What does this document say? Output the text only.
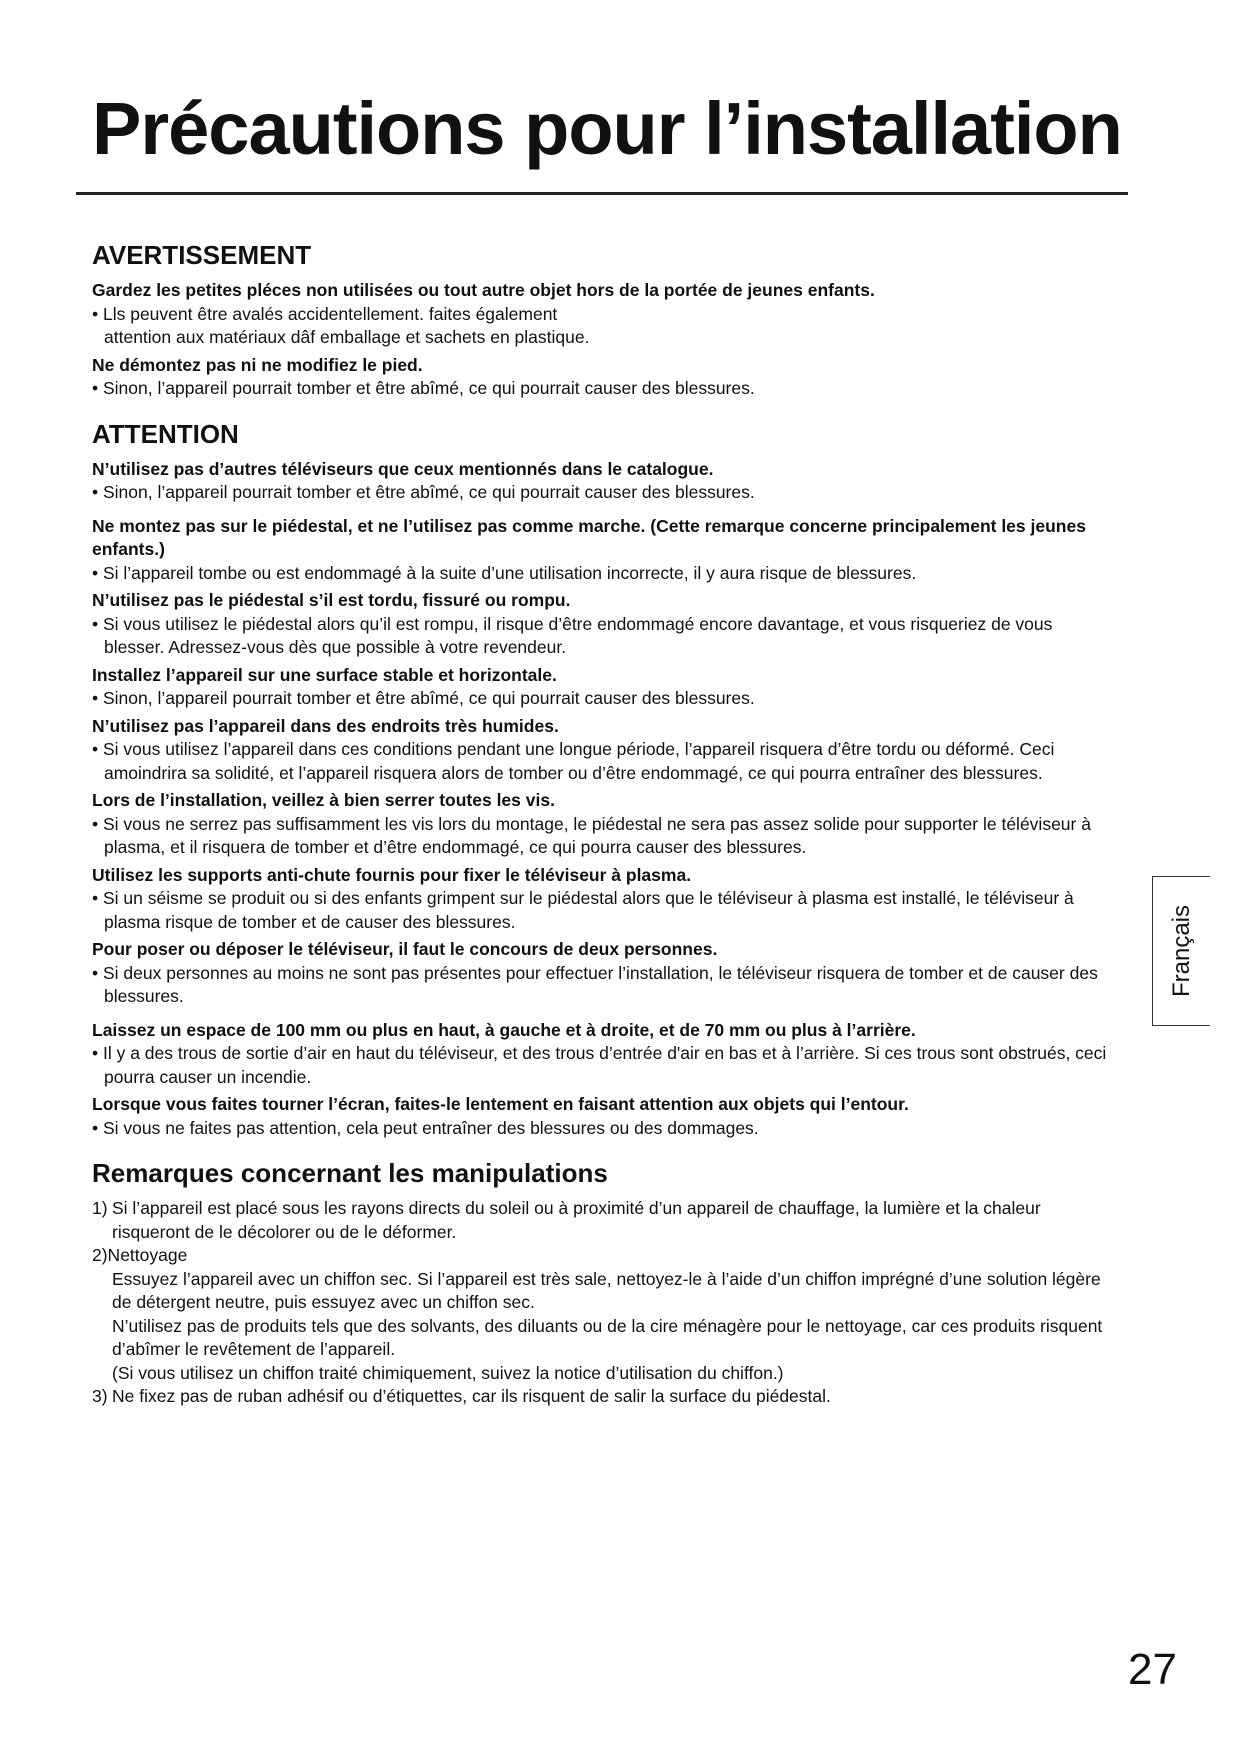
Précautions pour l’installation
AVERTISSEMENT
Gardez les petites pléces non utilisées ou tout autre objet hors de la portée de jeunes enfants.
• Lls peuvent être avalés accidentellement. faites également
attention aux matériaux dâf emballage et sachets en plastique.
Ne démontez pas ni ne modifiez le pied.
• Sinon, l’appareil pourrait tomber et être abîmé, ce qui pourrait causer des blessures.
ATTENTION
N’utilisez pas d’autres téléviseurs que ceux mentionnés dans le catalogue.
• Sinon, l’appareil pourrait tomber et être abîmé, ce qui pourrait causer des blessures.
Ne montez pas sur le piédestal, et ne l’utilisez pas comme marche. (Cette remarque concerne principalement les jeunes enfants.)
• Si l’appareil tombe ou est endommagé à la suite d’une utilisation incorrecte, il y aura risque de blessures.
N’utilisez pas le piédestal s’il est tordu, fissuré ou rompu.
• Si vous utilisez le piédestal alors qu’il est rompu, il risque d’être endommagé encore davantage, et vous risqueriez de vous blesser. Adressez-vous dès que possible à votre revendeur.
Installez l’appareil sur une surface stable et horizontale.
• Sinon, l’appareil pourrait tomber et être abîmé, ce qui pourrait causer des blessures.
N’utilisez pas l’appareil dans des endroits très humides.
• Si vous utilisez l’appareil dans ces conditions pendant une longue période, l’appareil risquera d’être tordu ou déformé. Ceci amoindrira sa solidité, et l’appareil risquera alors de tomber ou d’être endommagé, ce qui pourra entraîner des blessures.
Lors de l’installation, veillez à bien serrer toutes les vis.
• Si vous ne serrez pas suffisamment les vis lors du montage, le piédestal ne sera pas assez solide pour supporter le téléviseur à plasma, et il risquera de tomber et d’être endommagé, ce qui pourra causer des blessures.
Utilisez les supports anti-chute fournis pour fixer le téléviseur à plasma.
• Si un séisme se produit ou si des enfants grimpent sur le piédestal alors que le téléviseur à plasma est installé, le téléviseur à plasma risque de tomber et de causer des blessures.
Pour poser ou déposer le téléviseur, il faut le concours de deux personnes.
• Si deux personnes au moins ne sont pas présentes pour effectuer l’installation, le téléviseur risquera de tomber et de causer des blessures.
Laissez un espace de 100 mm ou plus en haut, à gauche et à droite, et de 70 mm ou plus à l’arrière.
• Il y a des trous de sortie d’air en haut du téléviseur, et des trous d’entrée d'air en bas et à l’arrière. Si ces trous sont obstrués, ceci pourra causer un incendie.
Lorsque vous faites tourner l’écran, faites-le lentement en faisant attention aux objets qui l’entour.
• Si vous ne faites pas attention, cela peut entraîner des blessures ou des dommages.
Remarques concernant les manipulations
1) Si l’appareil est placé sous les rayons directs du soleil ou à proximité d’un appareil de chauffage, la lumière et la chaleur risqueront de le décolorer ou de le déformer.
2)Nettoyage
Essuyez l’appareil avec un chiffon sec. Si l’appareil est très sale, nettoyez-le à l’aide d’un chiffon imprégné d’une solution légère de détergent neutre, puis essuyez avec un chiffon sec.
N’utilisez pas de produits tels que des solvants, des diluants ou de la cire ménagère pour le nettoyage, car ces produits risquent d’abîmer le revêtement de l’appareil.
(Si vous utilisez un chiffon traité chimiquement, suivez la notice d’utilisation du chiffon.)
3) Ne fixez pas de ruban adhésif ou d’étiquettes, car ils risquent de salir la surface du piédestal.
Français
27
